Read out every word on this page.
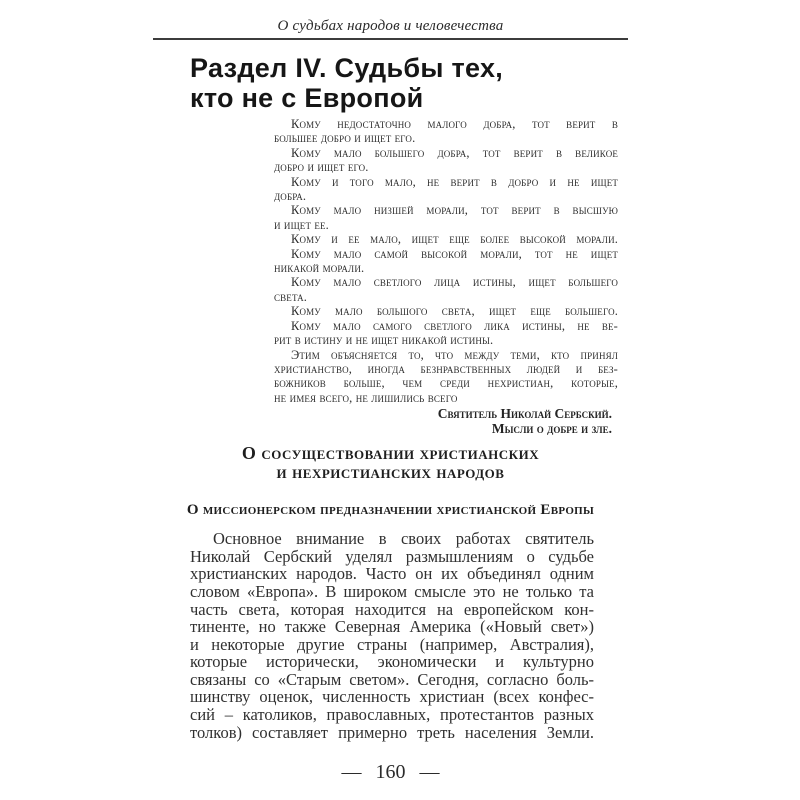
О судьбах народов и человечества
Раздел IV. Судьбы тех,
кто не с Европой
Кому недостаточно малого добра, тот верит в
большее добро и ищет его.
Кому мало большего добра, тот верит в великое
добро и ищет его.
Кому и того мало, не верит в добро и не ищет
добра.
Кому мало низшей морали, тот верит в высшую
и ищет ее.
Кому и ее мало, ищет еще более высокой морали.
Кому мало самой высокой морали, тот не ищет
никакой морали.
Кому мало светлого лица истины, ищет большего
света.
Кому мало большого света, ищет еще большего.
Кому мало самого светлого лика истины, не ве-
рит в истину и не ищет никакой истины.
Этим объясняется то, что между теми, кто принял
христианство, иногда безнравственных людей и без-
божников больше, чем среди нехристиан, которые,
не имея всего, не лишились всего
Святитель Николай Сербский.
Мысли о добре и зле.
О сосуществовании христианских
и нехристианских народов
О миссионерском предназначении христианской Европы
Основное внимание в своих работах святитель
Николай Сербский уделял размышлениям о судьбе
христианских народов. Часто он их объединял одним
словом «Европа». В широком смысле это не только та
часть света, которая находится на европейском кон-
тиненте, но также Северная Америка («Новый свет»)
и некоторые другие страны (например, Австралия),
которые исторически, экономически и культурно
связаны со «Старым светом». Сегодня, согласно боль-
шинству оценок, численность христиан (всех конфес-
сий – католиков, православных, протестантов разных
толков) составляет примерно треть населения Земли.
— 160 —
